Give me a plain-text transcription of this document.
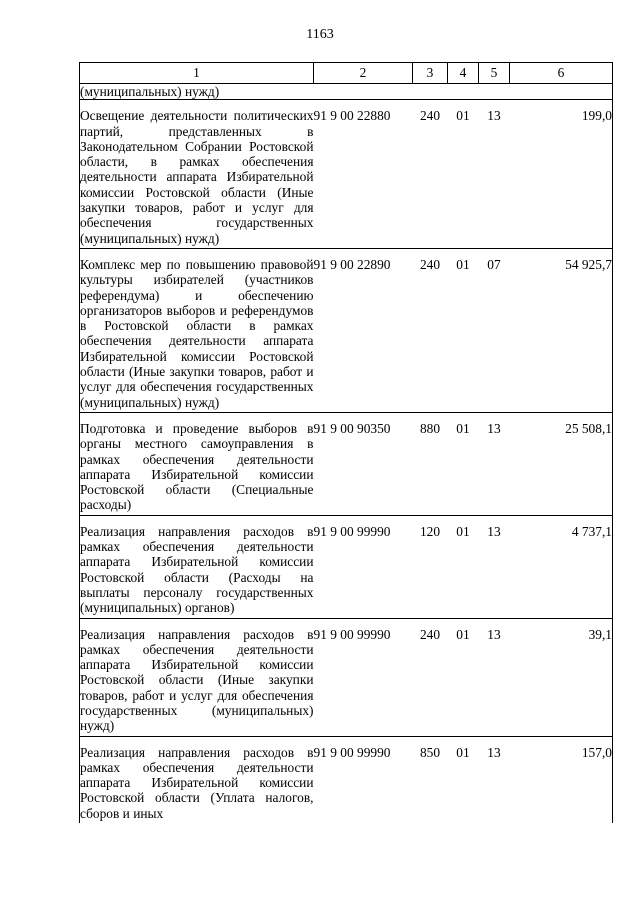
1163
1	2	3	4	5	6
(муниципальных) нужд)					
Освещение деятельности политических партий, представленных в Законодательном Собрании Ростовской области, в рамках обеспечения деятельности аппарата Избирательной комиссии Ростовской области (Иные закупки товаров, работ и услуг для обеспечения государственных (муниципальных) нужд)	91 9 00 22880	240	01	13	199,0
Комплекс мер по повышению правовой культуры избирателей (участников референдума) и обеспечению организаторов выборов и референдумов в Ростовской области в рамках обеспечения деятельности аппарата Избирательной комиссии Ростовской области (Иные закупки товаров, работ и услуг для обеспечения государственных (муниципальных) нужд)	91 9 00 22890	240	01	07	54 925,7
Подготовка и проведение выборов в органы местного самоуправления в рамках обеспечения деятельности аппарата Избирательной комиссии Ростовской области (Специальные расходы)	91 9 00 90350	880	01	13	25 508,1
Реализация направления расходов в рамках обеспечения деятельности аппарата Избирательной комиссии Ростовской области (Расходы на выплаты персоналу государственных (муниципальных) органов)	91 9 00 99990	120	01	13	4 737,1
Реализация направления расходов в рамках обеспечения деятельности аппарата Избирательной комиссии Ростовской области (Иные закупки товаров, работ и услуг для обеспечения государственных (муниципальных) нужд)	91 9 00 99990	240	01	13	39,1
Реализация направления расходов в рамках обеспечения деятельности аппарата Избирательной комиссии Ростовской области (Уплата налогов, сборов и иных	91 9 00 99990	850	01	13	157,0
